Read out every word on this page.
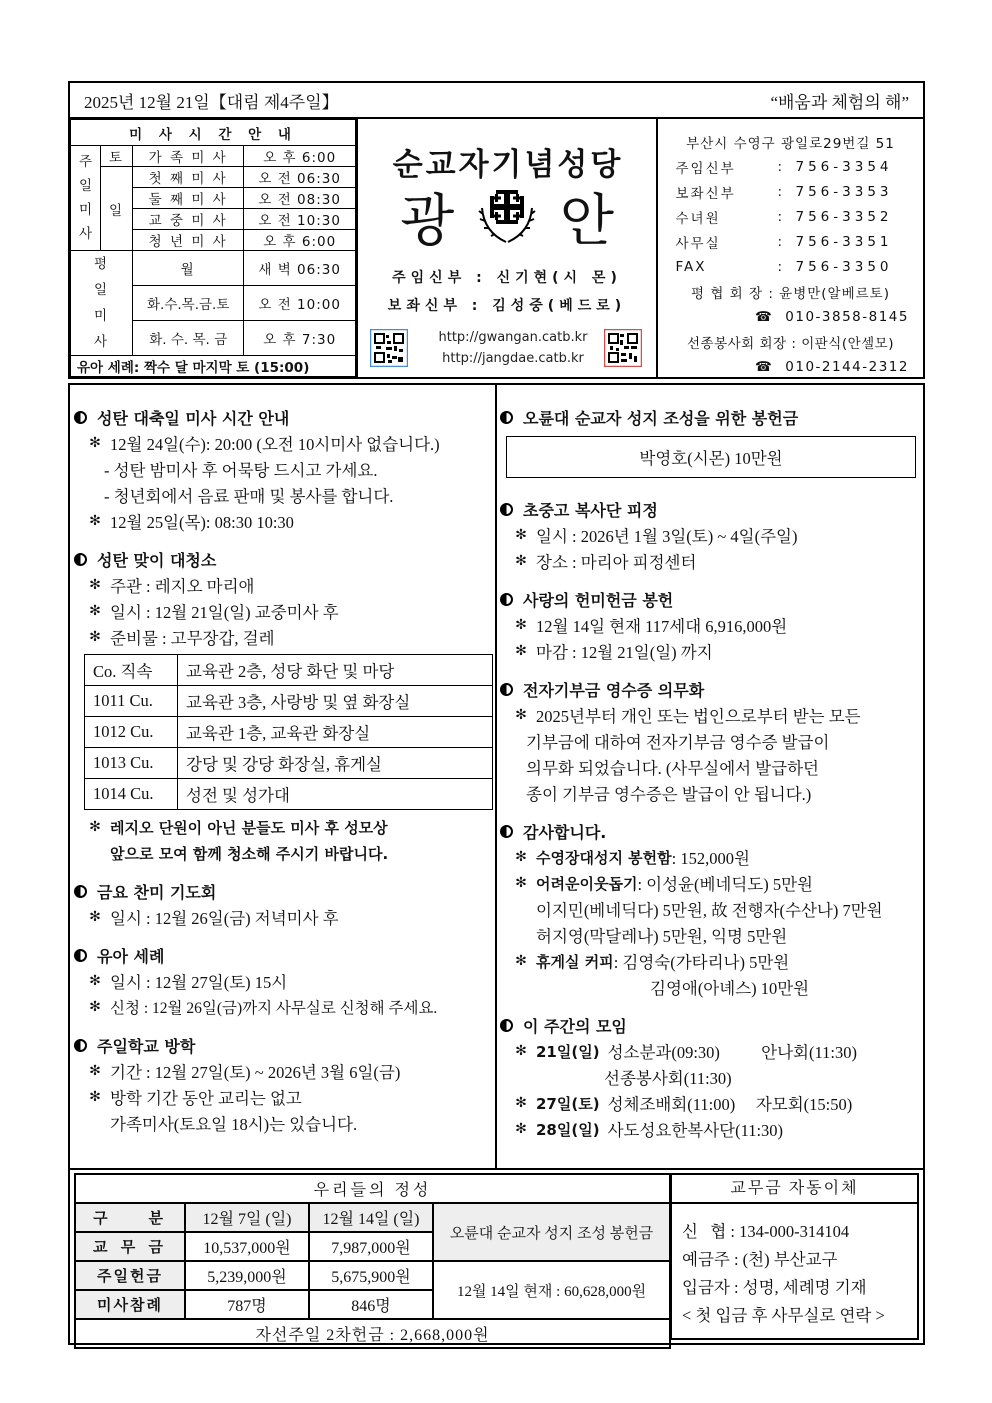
2025년 12월 21일【대림 제4주일】	“배움과 체험의 해”
미 사 시 간 안 내			

주
일
미
사	토	가 족 미 사	오 후 6:00
	일	첫 째 미 사	오 전 06:30
		둘 째 미 사	오 전 08:30
		교 중 미 사	오 전 10:30
		청 년 미 사	오 후 6:00
평 일 미 사		월	새 벽 06:30
		화.수.목.금.토	오 전 10:00
		화. 수. 목. 금	오 후 7:30
유아 세례: 짝수 달 마지막 토 (15:00)			
순교자기념성당
광 안
주임신부 : 신기현(시 몬)
보좌신부 : 김성중(베드로)
http://gwangan.catb.kr
http://jangdae.catb.kr
부산시 수영구 광일로29번길 51
주임신부	: 756-3354
보좌신부	: 756-3353
수녀원	: 756-3352
사무실	: 756-3351
FAX	: 756-3350
평 협 회 장 : 윤병만(알베르토)
☎ 010-3858-8145
선종봉사회 회장 : 이판식(안셀모)
☎ 010-2144-2312
성탄 대축일 미사 시간 안내
✻ 12월 24일(수): 20:00 (오전 10시미사 없습니다.)
- 성탄 밤미사 후 어묵탕 드시고 가세요.
- 청년회에서 음료 판매 및 봉사를 합니다.
✻ 12월 25일(목): 08:30 10:30
성탄 맞이 대청소
✻ 주관 : 레지오 마리애
✻ 일시 : 12월 21일(일) 교중미사 후
✻ 준비물 : 고무장갑, 걸레
Co. 직속	교육관 2층, 성당 화단 및 마당
1011 Cu.	교육관 3층, 사랑방 및 옆 화장실
1012 Cu.	교육관 1층, 교육관 화장실
1013 Cu.	강당 및 강당 화장실, 휴게실
1014 Cu.	성전 및 성가대
✻ 레지오 단원이 아닌 분들도 미사 후 성모상
앞으로 모여 함께 청소해 주시기 바랍니다.
금요 찬미 기도회
✻ 일시 : 12월 26일(금) 저녁미사 후
유아 세례
✻ 일시 : 12월 27일(토) 15시
✻ 신청 : 12월 26일(금)까지 사무실로 신청해 주세요.
주일학교 방학
✻ 기간 : 12월 27일(토) ~ 2026년 3월 6일(금)
✻ 방학 기간 동안 교리는 없고
가족미사(토요일 18시)는 있습니다.
오륜대 순교자 성지 조성을 위한 봉헌금
박영호(시몬) 10만원
초중고 복사단 피정
✻ 일시 : 2026년 1월 3일(토) ~ 4일(주일)
✻ 장소 : 마리아 피정센터
사랑의 헌미헌금 봉헌
✻ 12월 14일 현재 117세대 6,916,000원
✻ 마감 : 12월 21일(일) 까지
전자기부금 영수증 의무화
✻ 2025년부터 개인 또는 법인으로부터 받는 모든
기부금에 대하여 전자기부금 영수증 발급이
의무화 되었습니다. (사무실에서 발급하던
종이 기부금 영수증은 발급이 안 됩니다.)
감사합니다.
✻ 수영장대성지 봉헌함 : 152,000원
✻ 어려운이웃돕기 : 이성윤(베네딕도) 5만원
이지민(베네딕다) 5만원, 故 전행자(수산나) 7만원
허지영(막달레나) 5만원, 익명 5만원
✻ 휴게실 커피 : 김영숙(가타리나) 5만원
김영애(아녜스) 10만원
이 주간의 모임
✻ 21일(일) 성소분과(09:30)          안나회(11:30)
선종봉사회(11:30)
✻ 27일(토) 성체조배회(11:00)     자모회(15:50)
✻ 28일(일) 사도성요한복사단(11:30)
우리들의 정성			
구    분	12월 7일 (일)	12월 14일 (일)	오륜대 순교자 성지 조성 봉헌금
교 무 금	10,537,000원	7,987,000원	
주일헌금	5,239,000원	5,675,900원	12월 14일 현재 : 60,628,000원
미사참례	787명	846명	
자선주일 2차헌금 : 2,668,000원			
교무금 자동이체
신   협 : 134-000-314104
예금주 : (천) 부산교구
입금자 : 성명, 세례명 기재
< 첫 입금 후 사무실로 연락 >
